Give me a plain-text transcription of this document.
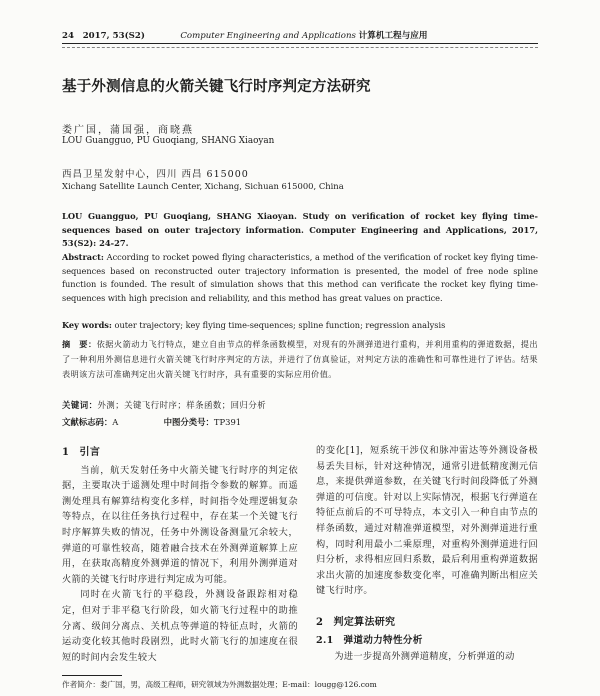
24 2017, 53(S2)	Computer Engineering and Applications 计算机工程与应用
基于外测信息的火箭关键飞行时序判定方法研究
娄广国，蒲国强，商晓燕
LOU Guangguo, PU Guoqiang, SHANG Xiaoyan
西昌卫星发射中心，四川 西昌 615000
Xichang Satellite Launch Center, Xichang, Sichuan 615000, China
LOU Guangguo, PU Guoqiang, SHANG Xiaoyan. Study on verification of rocket key flying time-sequences based on outer trajectory information. Computer Engineering and Applications, 2017, 53(S2): 24-27.
Abstract: According to rocket powed flying characteristics, a method of the verification of rocket key flying time-sequences based on reconstructed outer trajectory information is presented, the model of free node spline function is founded. The result of simulation shows that this method can verificate the rocket key flying time-sequences with high precision and reliability, and this method has great values on practice.
Key words: outer trajectory; key flying time-sequences; spline function; regression analysis
摘　要：依据火箭动力飞行特点，建立自由节点的样条函数模型，对现有的外测弹道进行重构，并利用重构的弹道数据，提出了一种利用外测信息进行火箭关键飞行时序判定的方法，并进行了仿真验证，对判定方法的准确性和可靠性进行了评估。结果表明该方法可准确判定出火箭关键飞行时序，具有重要的实际应用价值。
关键词：外测；关键飞行时序；样条函数；回归分析
文献标志码：A	中图分类号：TP391
1　引言

当前，航天发射任务中火箭关键飞行时序的判定依据，主要取决于遥测处理中时间指令参数的解算。而遥测处理具有解算结构变化多样，时间指令处理逻辑复杂等特点，在以往任务执行过程中，存在某一个关键飞行时序解算失败的情况，任务中外测设备测量冗余较大，弹道的可靠性较高，随着融合技术在外测弹道解算上应用，在获取高精度外测弹道的情况下，利用外测弹道对火箭的关键飞行时序进行判定成为可能。

同时在火箭飞行的平稳段，外测设备跟踪相对稳定，但对于非平稳飞行阶段，如火箭飞行过程中的助推分离、级间分离点、关机点等弹道的特征点时，火箭的运动变化较其他时段剧烈，此时火箭飞行的加速度在很短的时间内会发生较大

的变化[1]，短系统干涉仪和脉冲雷达等外测设备极易丢失目标，针对这种情况，通常引进低精度测元信息，来提供弹道参数，在关键飞行时间段降低了外测弹道的可信度。针对以上实际情况，根据飞行弹道在特征点前后的不可导特点，本文引入一种自由节点的样条函数，通过对精准弹道模型，对外测弹道进行重构，同时利用最小二乘原理，对重构外测弹道进行回归分析，求得相应回归系数，最后利用重构弹道数据求出火箭的加速度参数变化率，可准确判断出相应关键飞行时序。

2　判定算法研究
2.1　弹道动力特性分析

为进一步提高外测弹道精度，分析弹道的动

作者简介：娄广国，男，高级工程师，研究领域为外测数据处理；E-mail：lougg@126.com
